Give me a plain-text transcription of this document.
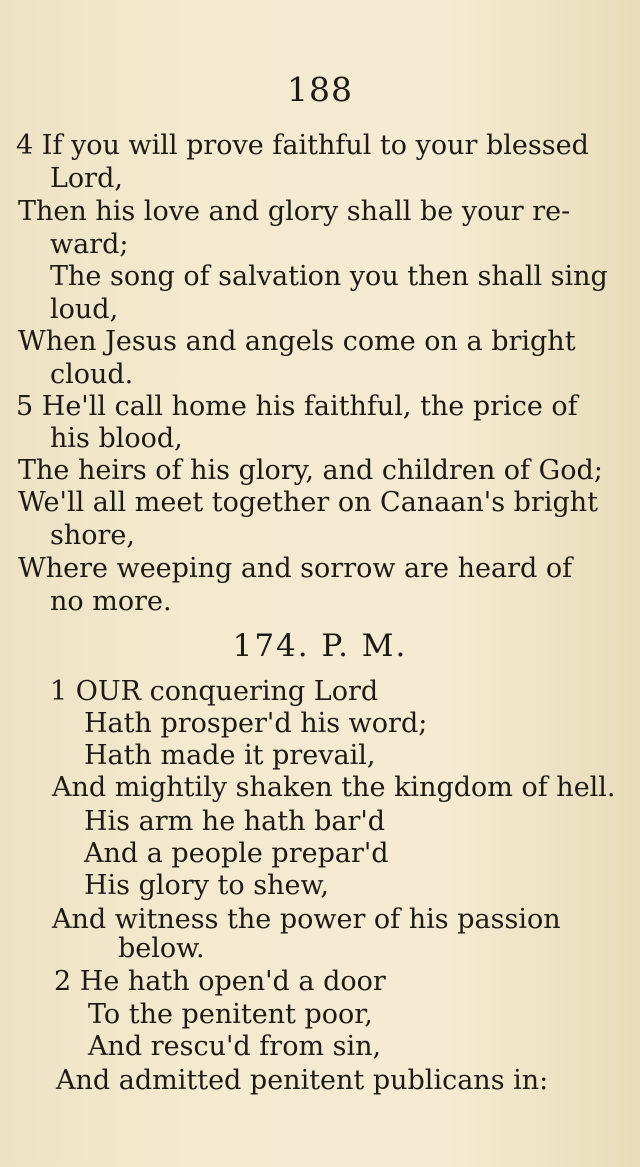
188
4 If you will prove faithful to your blessed
Lord,
Then his love and glory shall be your re-
ward;
The song of salvation you then shall sing
loud,
When Jesus and angels come on a bright
cloud.
5 He'll call home his faithful, the price of
his blood,
The heirs of his glory, and children of God;
We'll all meet together on Canaan's bright
shore,
Where weeping and sorrow are heard of
no more.
174. P. M.
1 OUR conquering Lord
Hath prosper'd his word;
Hath made it prevail,
And mightily shaken the kingdom of hell.
His arm he hath bar'd
And a people prepar'd
His glory to shew,
And witness the power of his passion
below.
2 He hath open'd a door
To the penitent poor,
And rescu'd from sin,
And admitted penitent publicans in:
